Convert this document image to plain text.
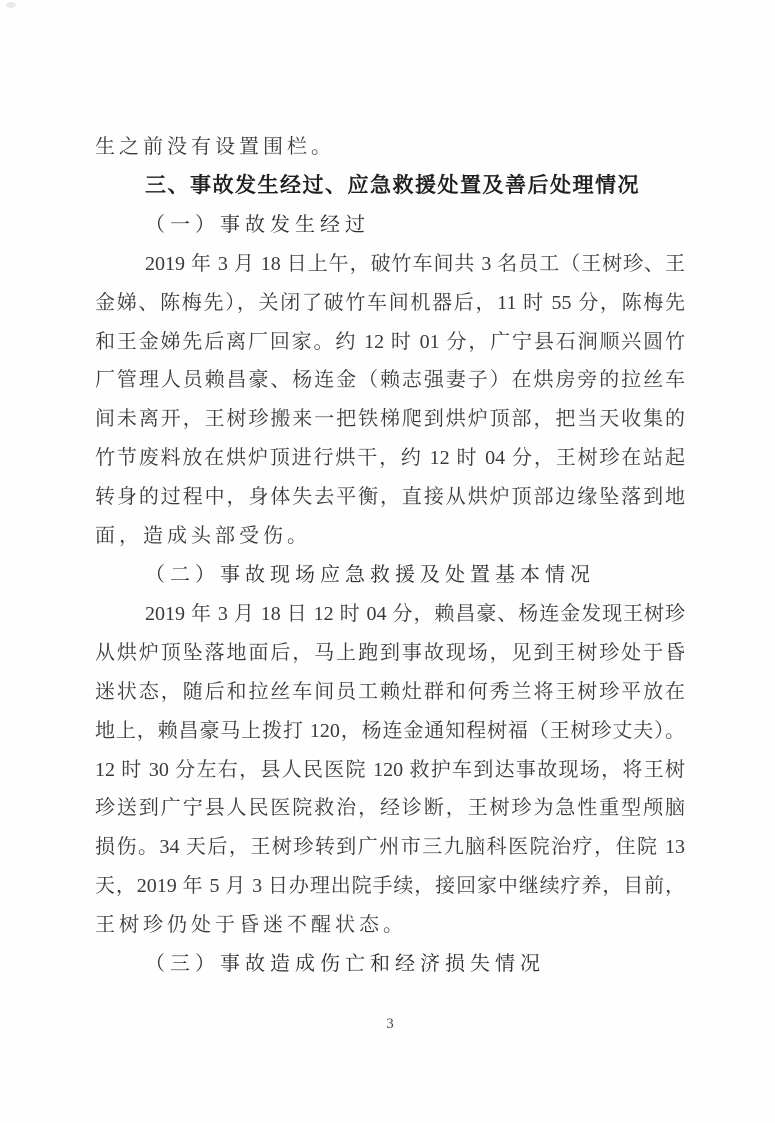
生之前没有设置围栏。
三、事故发生经过、应急救援处置及善后处理情况
（一）事故发生经过
2019 年 3 月 18 日上午，破竹车间共 3 名员工（王树珍、王
金娣、陈梅先），关闭了破竹车间机器后，11 时 55 分，陈梅先
和王金娣先后离厂回家。约 12 时 01 分，广宁县石涧顺兴圆竹
厂管理人员赖昌豪、杨连金（赖志强妻子）在烘房旁的拉丝车
间未离开，王树珍搬来一把铁梯爬到烘炉顶部，把当天收集的
竹节废料放在烘炉顶进行烘干，约 12 时 04 分，王树珍在站起
转身的过程中，身体失去平衡，直接从烘炉顶部边缘坠落到地
面，造成头部受伤。
（二）事故现场应急救援及处置基本情况
2019 年 3 月 18 日 12 时 04 分，赖昌豪、杨连金发现王树珍
从烘炉顶坠落地面后，马上跑到事故现场，见到王树珍处于昏
迷状态，随后和拉丝车间员工赖灶群和何秀兰将王树珍平放在
地上，赖昌豪马上拨打 120，杨连金通知程树福（王树珍丈夫）。
12 时 30 分左右，县人民医院 120 救护车到达事故现场，将王树
珍送到广宁县人民医院救治，经诊断，王树珍为急性重型颅脑
损伤。34 天后，王树珍转到广州市三九脑科医院治疗，住院 13
天，2019 年 5 月 3 日办理出院手续，接回家中继续疗养，目前，
王树珍仍处于昏迷不醒状态。
（三）事故造成伤亡和经济损失情况
3
